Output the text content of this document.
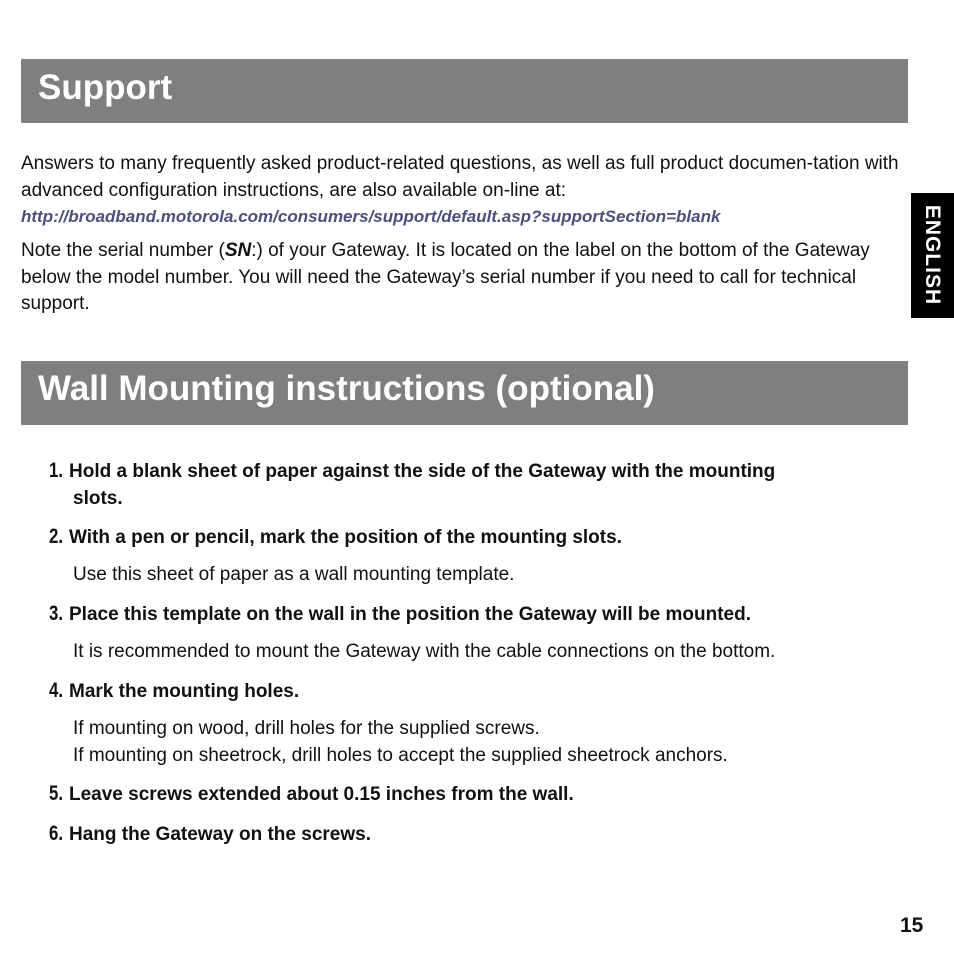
Support

Answers to many frequently asked product-related questions, as well as full product documen-tation with advanced configuration instructions, are also available on-line at:

http://broadband.motorola.com/consumers/support/default.asp?supportSection=blank

Note the serial number (SN:) of your Gateway. It is located on the label on the bottom of the Gateway below the model number. You will need the Gateway’s serial number if you need to call for technical support.	ENGLISH
Wall Mounting instructions (optional)
1. Hold a blank sheet of paper against the side of the Gateway with the mounting
slots.
2. With a pen or pencil, mark the position of the mounting slots.
Use this sheet of paper as a wall mounting template.
3. Place this template on the wall in the position the Gateway will be mounted.
It is recommended to mount the Gateway with the cable connections on the bottom.
4. Mark the mounting holes.
If mounting on wood, drill holes for the supplied screws.
If mounting on sheetrock, drill holes to accept the supplied sheetrock anchors.
5. Leave screws extended about 0.15 inches from the wall.
6. Hang the Gateway on the screws.
15
